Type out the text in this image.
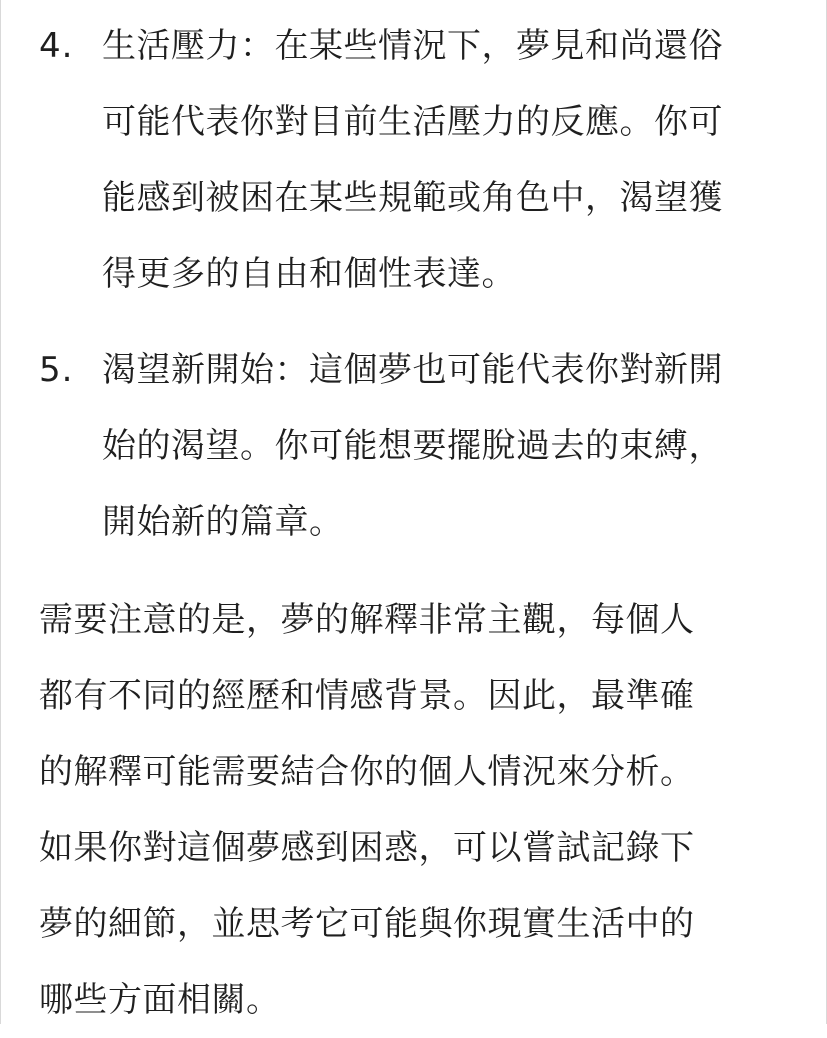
4. 生活壓力：在某些情況下，夢見和尚還俗
可能代表你對目前生活壓力的反應。你可
能感到被困在某些規範或角色中，渴望獲
得更多的自由和個性表達。
5. 渴望新開始：這個夢也可能代表你對新開
始的渴望。你可能想要擺脫過去的束縛，
開始新的篇章。
需要注意的是，夢的解釋非常主觀，每個人
都有不同的經歷和情感背景。因此，最準確
的解釋可能需要結合你的個人情況來分析。
如果你對這個夢感到困惑，可以嘗試記錄下
夢的細節，並思考它可能與你現實生活中的
哪些方面相關。
